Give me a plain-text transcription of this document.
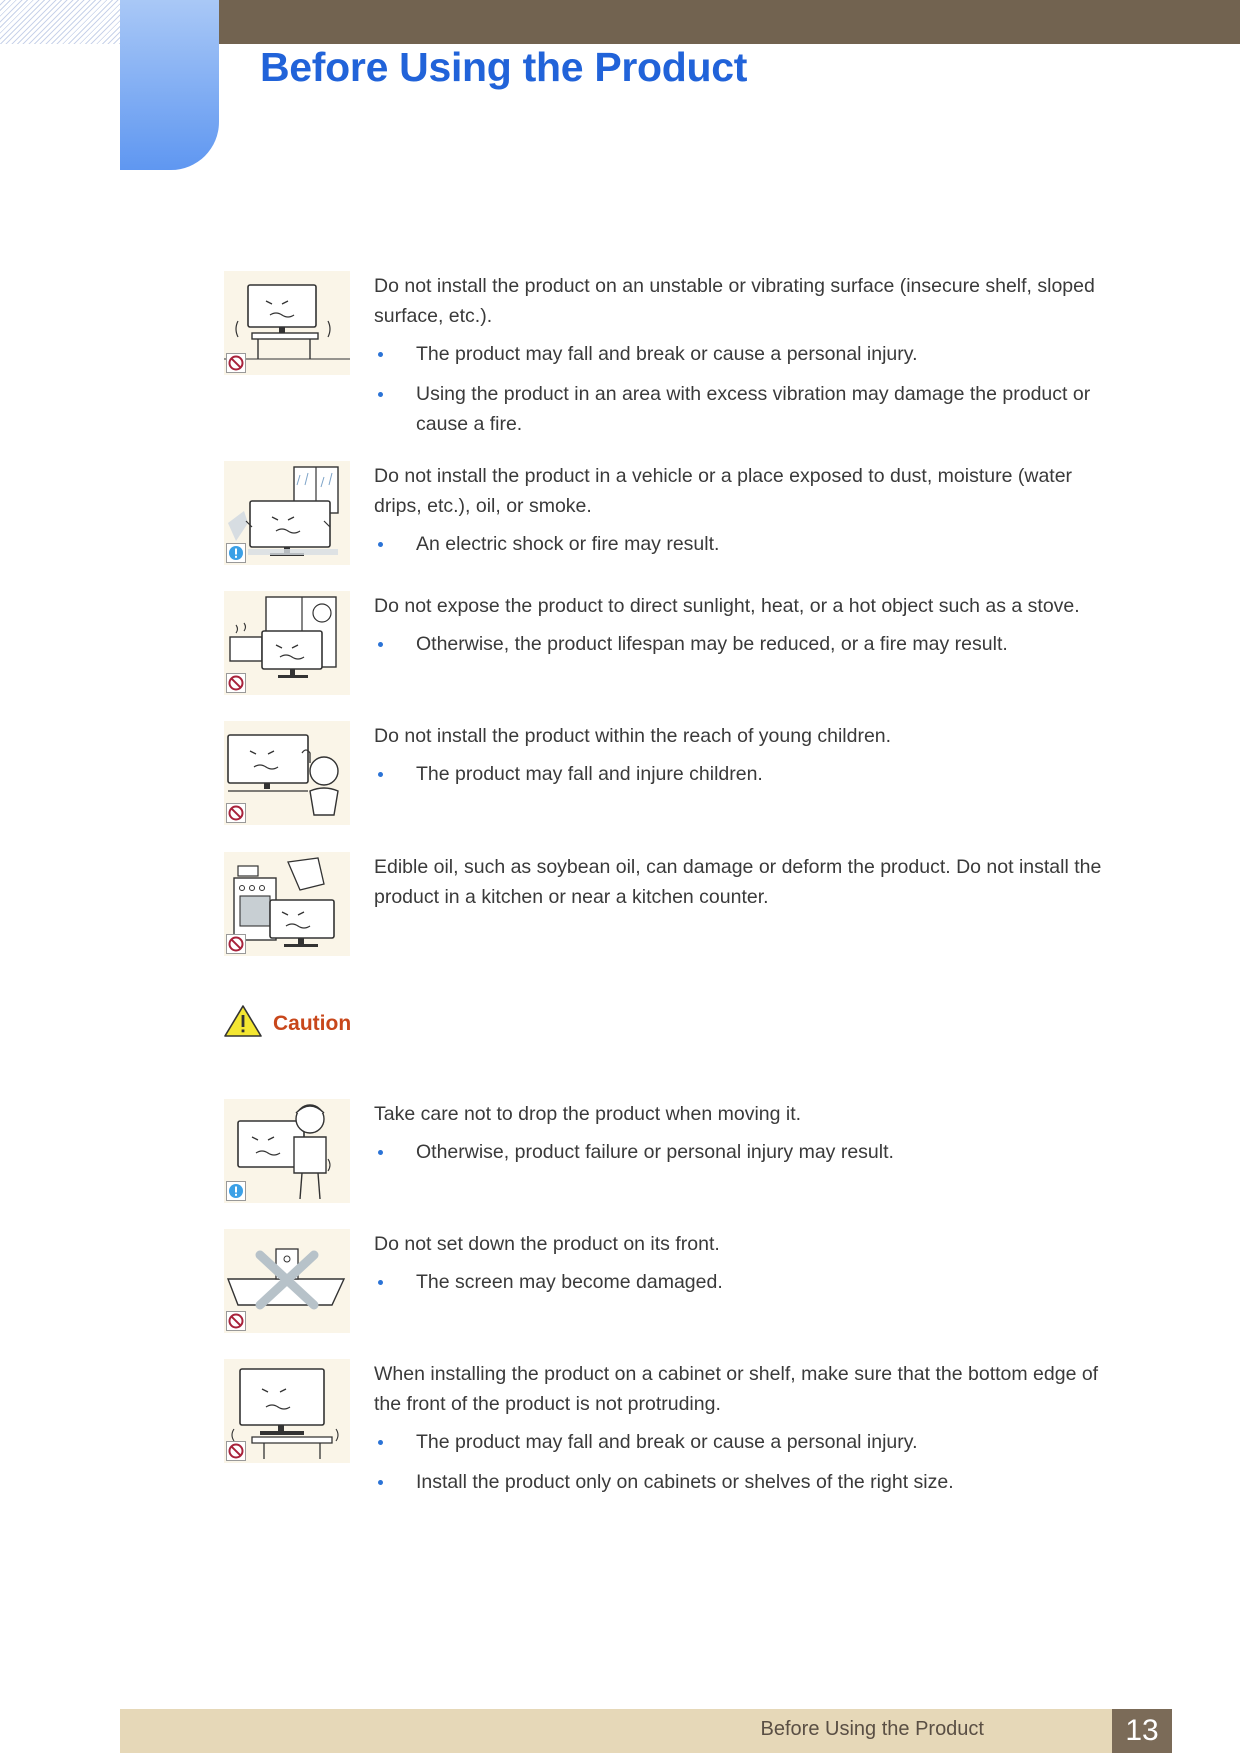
Before Using the Product

Do not install the product on an unstable or vibrating surface (insecure shelf, sloped surface, etc.).

The product may fall and break or cause a personal injury.
Using the product in an area with excess vibration may damage the product or cause a fire.

Do not install the product in a vehicle or a place exposed to dust, moisture (water drips, etc.), oil, or smoke.

An electric shock or fire may result.

Do not expose the product to direct sunlight, heat, or a hot object such as a stove.

Otherwise, the product lifespan may be reduced, or a fire may result.

Do not install the product within the reach of young children.

The product may fall and injure children.

Edible oil, such as soybean oil, can damage or deform the product. Do not install the product in a kitchen or near a kitchen counter.

Caution

Take care not to drop the product when moving it.

Otherwise, product failure or personal injury may result.

Do not set down the product on its front.

The screen may become damaged.

When installing the product on a cabinet or shelf, make sure that the bottom edge of the front of the product is not protruding.

The product may fall and break or cause a personal injury.
Install the product only on cabinets or shelves of the right size.
Before Using the Product	13
